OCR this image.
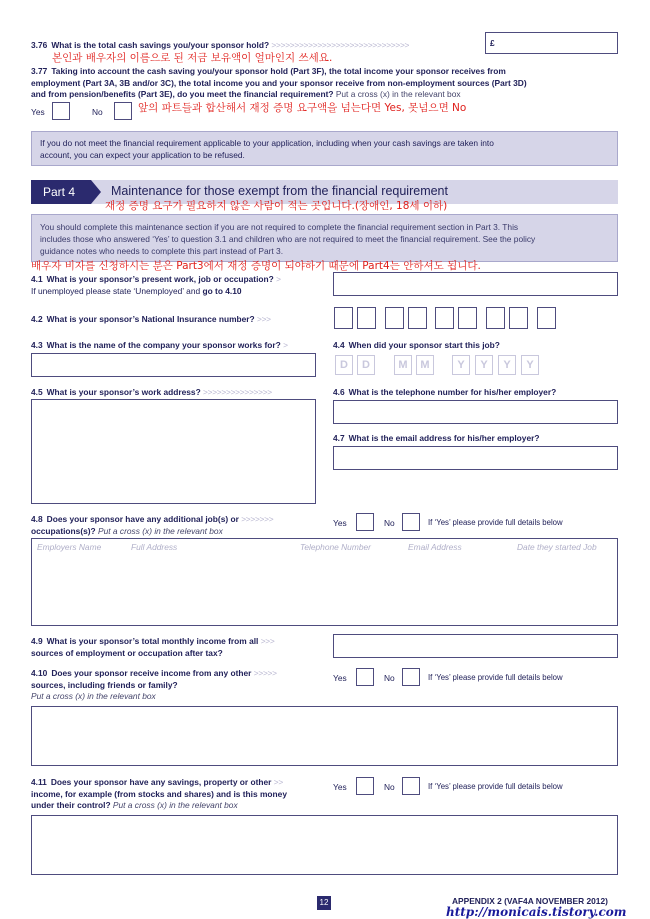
3.76 What is the total cash savings you/your sponsor hold? >>>>>>>>>>>>>>>>>>>>>>>>>>>>>>	£
본인과 배우자의 이름으로 된 저금 보유액이 얼마인지 쓰세요.
3.77 Taking into account the cash saving you/your sponsor hold (Part 3F), the total income your sponsor receives from
employment (Part 3A, 3B and/or 3C), the total income you and your sponsor receive from non-employment sources (Part 3D)
and from pension/benefits (Part 3E), do you meet the financial requirement? Put a cross (x) in the relevant box
Yes	No	앞의 파트들과 합산해서 재정 증명 요구액을 넘는다면 Yes, 못넘으면 No
If you do not meet the financial requirement applicable to your application, including when your cash savings are taken into
account, you can expect your application to be refused.
Part 4	Maintenance for those exempt from the financial requirement
재정 증명 요구가 필요하지 않은 사람이 적는 곳입니다.(장애인, 18세 이하)
You should complete this maintenance section if you are not required to complete the financial requirement section in Part 3. This
includes those who answered ‘Yes’ to question 3.1 and children who are not required to meet the financial requirement. See the policy
guidance notes who needs to complete this part instead of Part 3.
배우자 비자를 신청하시는 분은 Part3에서 재정 증명이 되야하기 때문에 Part4는 안하셔도 됩니다.
4.1 What is your sponsor’s present work, job or occupation? >
If unemployed please state ‘Unemployed’ and go to 4.10
4.2 What is your sponsor’s National Insurance number? >>>
4.3 What is the name of the company your sponsor works for? >	4.4 When did your sponsor start this job?
D	D	M	M	Y	Y	Y	Y
4.5 What is your sponsor’s work address? >>>>>>>>>>>>>>>	4.6 What is the telephone number for his/her employer?
4.7 What is the email address for his/her employer?
4.8 Does your sponsor have any additional job(s) or >>>>>>>
occupations(s)? Put a cross (x) in the relevant box
Yes	No	If ‘Yes’ please provide full details below
Employers Name	Full Address	Telephone Number	Email Address	Date they started Job
4.9 What is your sponsor’s total monthly income from all >>>
sources of employment or occupation after tax?
4.10 Does your sponsor receive income from any other >>>>>
sources, including friends or family?
Put a cross (x) in the relevant box
Yes	No	If ‘Yes’ please provide full details below
4.11 Does your sponsor have any savings, property or other >>
income, for example (from stocks and shares) and is this money
under their control? Put a cross (x) in the relevant box
Yes	No	If ‘Yes’ please provide full details below
12	APPENDIX 2 (VAF4A NOVEMBER 2012)
http://monicais.tistory.com
